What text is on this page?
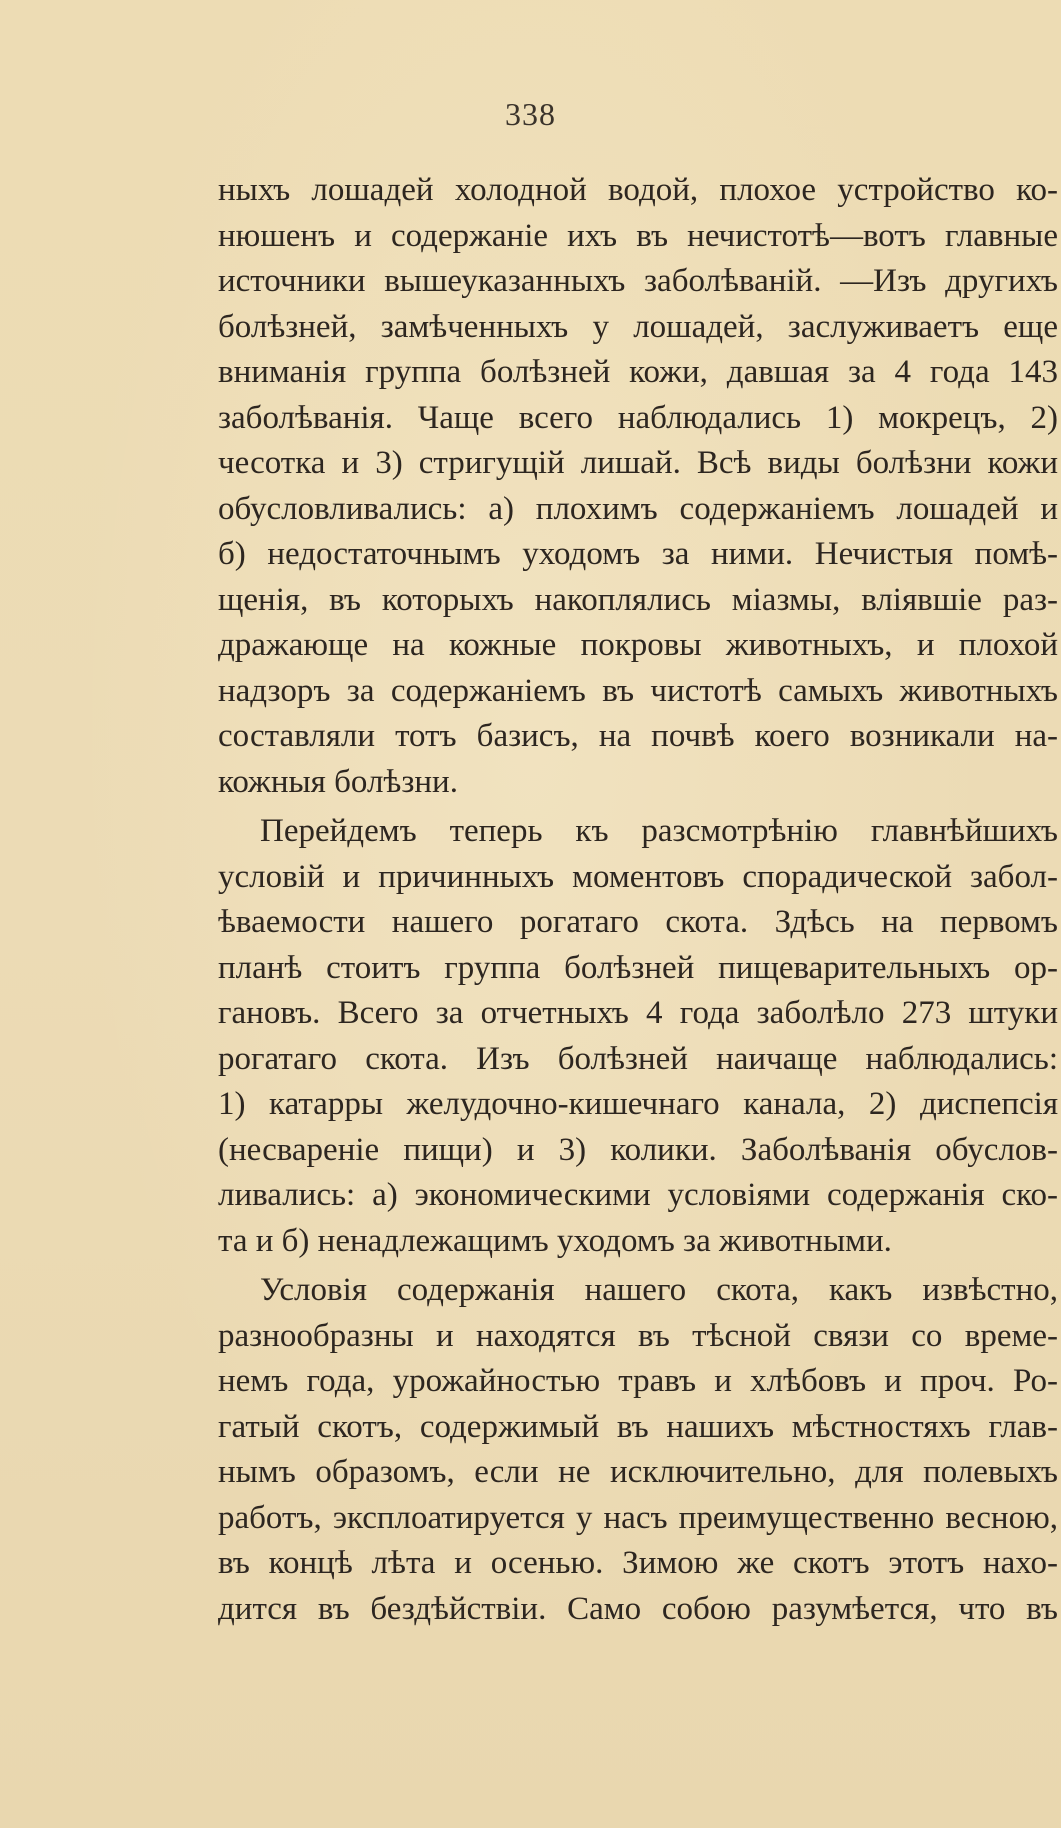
338
ныхъ лошадей холодной водой, плохое устройство ко-
нюшенъ и содержаніе ихъ въ нечистотѣ—вотъ главные
источники вышеуказанныхъ заболѣваній. —Изъ другихъ
болѣзней, замѣченныхъ у лошадей, заслуживаетъ еще
вниманія группа болѣзней кожи, давшая за 4 года 143
заболѣванія. Чаще всего наблюдались 1) мокрецъ, 2)
чесотка и 3) стригущій лишай. Всѣ виды болѣзни кожи
обусловливались: а) плохимъ содержаніемъ лошадей и
б) недостаточнымъ уходомъ за ними. Нечистыя помѣ-
щенія, въ которыхъ накоплялись міазмы, вліявшіе раз-
дражающе на кожные покровы животныхъ, и плохой
надзоръ за содержаніемъ въ чистотѣ самыхъ животныхъ
составляли тотъ базисъ, на почвѣ коего возникали на-
кожныя болѣзни.
Перейдемъ теперь къ разсмотрѣнію главнѣйшихъ
условій и причинныхъ моментовъ спорадической забол-
ѣваемости нашего рогатаго скота. Здѣсь на первомъ
планѣ стоитъ группа болѣзней пищеварительныхъ ор-
гановъ. Всего за отчетныхъ 4 года заболѣло 273 штуки
рогатаго скота. Изъ болѣзней наичаще наблюдались:
1) катарры желудочно-кишечнаго канала, 2) диспепсія
(несвареніе пищи) и 3) колики. Заболѣванія обуслов-
ливались: а) экономическими условіями содержанія ско-
та и б) ненадлежащимъ уходомъ за животными.
Условія содержанія нашего скота, какъ извѣстно,
разнообразны и находятся въ тѣсной связи со време-
немъ года, урожайностью травъ и хлѣбовъ и проч. Ро-
гатый скотъ, содержимый въ нашихъ мѣстностяхъ глав-
нымъ образомъ, если не исключительно, для полевыхъ
работъ, эксплоатируется у насъ преимущественно весною,
въ концѣ лѣта и осенью. Зимою же скотъ этотъ нахо-
дится въ бездѣйствіи. Само собою разумѣется, что въ
